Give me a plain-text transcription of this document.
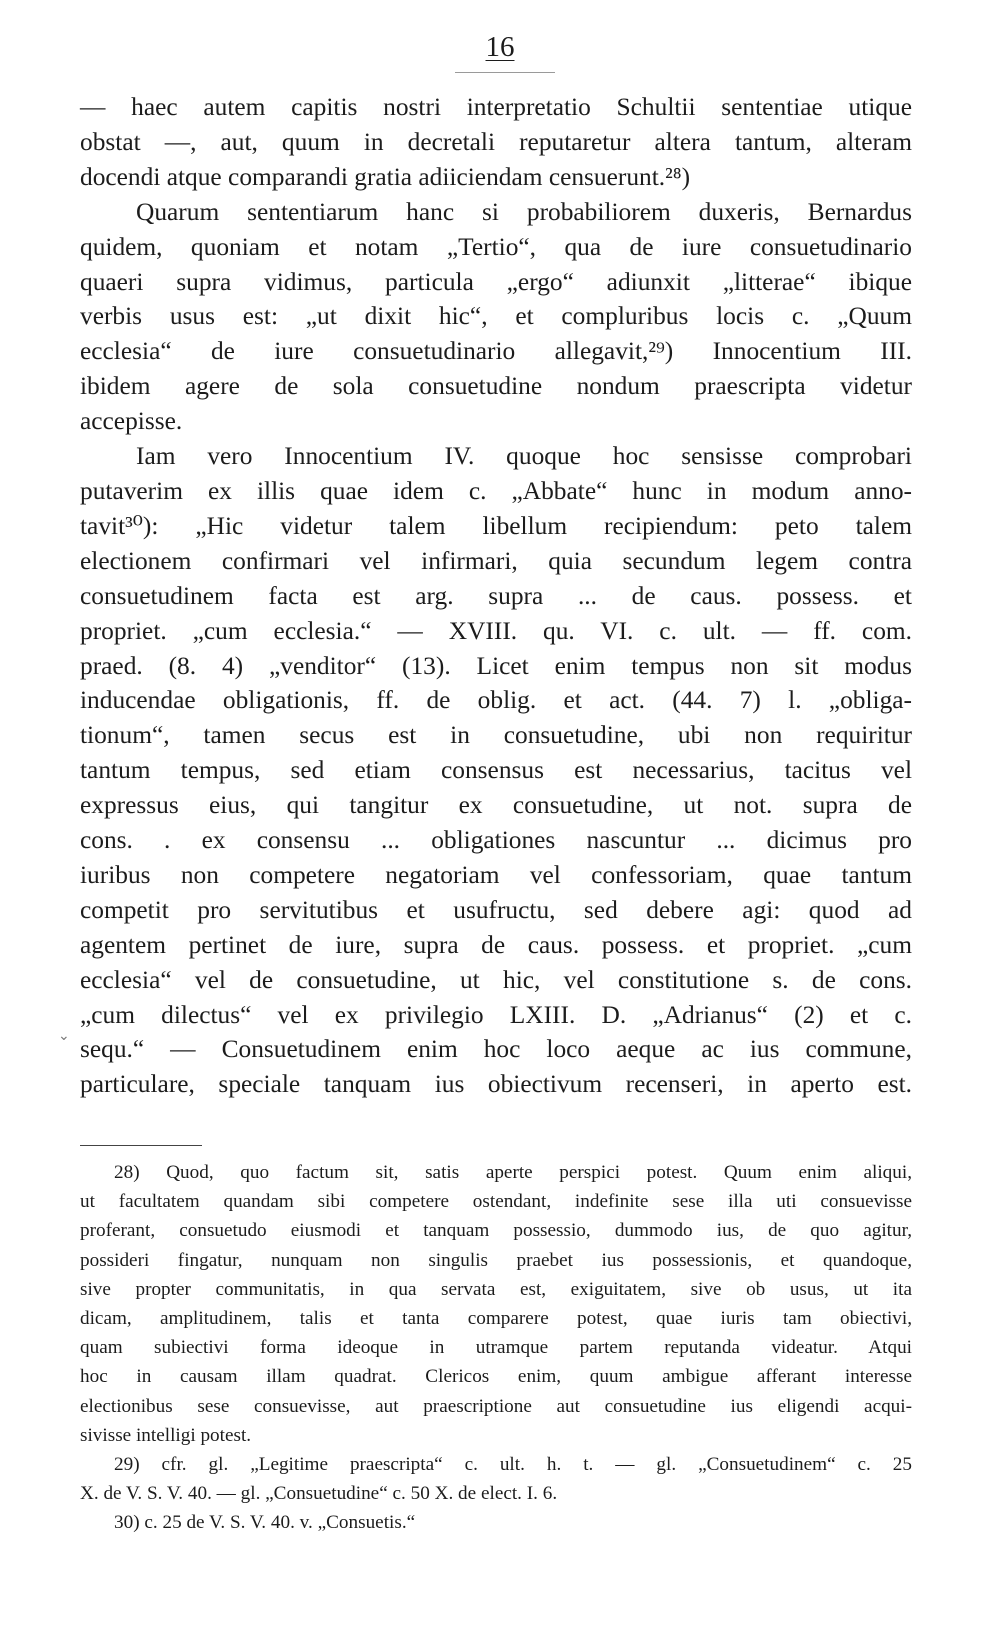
16

— haec autem capitis nostri interpretatio Schultii sententiae utique
obstat —, aut, quum in decretali reputaretur altera tantum, alteram
docendi atque comparandi gratia adiiciendam censuerunt.²⁸)

Quarum sententiarum hanc si probabiliorem duxeris, Bernardus
quidem, quoniam et notam „Tertio“, qua de iure consuetudinario
quaeri supra vidimus, particula „ergo“ adiunxit „litterae“ ibique
verbis usus est: „ut dixit hic“, et compluribus locis c. „Quum
ecclesia“ de iure consuetudinario allegavit,²⁹) Innocentium III.
ibidem agere de sola consuetudine nondum praescripta videtur
accepisse.

Iam vero Innocentium IV. quoque hoc sensisse comprobari
putaverim ex illis quae idem c. „Abbate“ hunc in modum anno-
tavit³⁰): „Hic videtur talem libellum recipiendum: peto talem
electionem confirmari vel infirmari, quia secundum legem contra
consuetudinem facta est arg. supra ... de caus. possess. et
propriet. „cum ecclesia.“ — XVIII. qu. VI. c. ult. — ff. com.
praed. (8. 4) „venditor“ (13). Licet enim tempus non sit modus
inducendae obligationis, ff. de oblig. et act. (44. 7) l. „obliga-
tionum“, tamen secus est in consuetudine, ubi non requiritur
tantum tempus, sed etiam consensus est necessarius, tacitus vel
expressus eius, qui tangitur ex consuetudine, ut not. supra de
cons. . ex consensu ... obligationes nascuntur ... dicimus pro
iuribus non competere negatoriam vel confessoriam, quae tantum
competit pro servitutibus et usufructu, sed debere agi: quod ad
agentem pertinet de iure, supra de caus. possess. et propriet. „cum
ecclesia“ vel de consuetudine, ut hic, vel constitutione s. de cons.
„cum dilectus“ vel ex privilegio LXIII. D. „Adrianus“ (2) et c.
sequ.“ — Consuetudinem enim hoc loco aeque ac ius commune,
particulare, speciale tanquam ius obiectivum recenseri, in aperto est.

⌄

28) Quod, quo factum sit, satis aperte perspici potest. Quum enim aliqui,
ut facultatem quandam sibi competere ostendant, indefinite sese illa uti consuevisse
proferant, consuetudo eiusmodi et tanquam possessio, dummodo ius, de quo agitur,
possideri fingatur, nunquam non singulis praebet ius possessionis, et quandoque,
sive propter communitatis, in qua servata est, exiguitatem, sive ob usus, ut ita
dicam, amplitudinem, talis et tanta comparere potest, quae iuris tam obiectivi,
quam subiectivi forma ideoque in utramque partem reputanda videatur. Atqui
hoc in causam illam quadrat. Clericos enim, quum ambigue afferant interesse
electionibus sese consuevisse, aut praescriptione aut consuetudine ius eligendi acqui-
sivisse intelligi potest.

29) cfr. gl. „Legitime praescripta“ c. ult. h. t. — gl. „Consuetudinem“ c. 25
X. de V. S. V. 40. — gl. „Consuetudine“ c. 50 X. de elect. I. 6.

30) c. 25 de V. S. V. 40. v. „Consuetis.“
